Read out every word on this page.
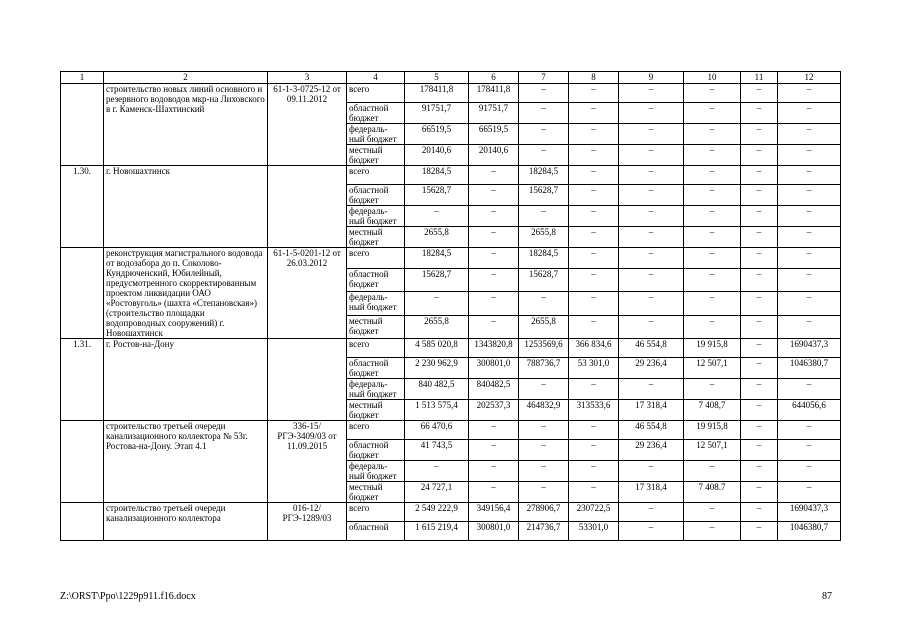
1	2	3	4	5	6	7	8	9	10	11	12
	строительство новых линий основного и резервного водоводов мкр-на Лиховского в г. Каменск-Шахтинский	61-1-3-0725-12 от 09.11.2012	всего	178411,8	178411,8	–	–	–	–	–	–
			областной бюджет	91751,7	91751,7	–	–	–	–	–	–
			федераль-ный бюджет	66519,5	66519,5	–	–	–	–	–	–
			местный бюджет	20140,6	20140,6	–	–	–	–	–	–
1.30.	г. Новошахтинск		всего	18284,5	–	18284,5	–	–	–	–	–
			областной бюджет	15628,7	–	15628,7	–	–	–	–	–
			федераль-ный бюджет	–	–	–	–	–	–	–	–
			местный бюджет	2655,8	–	2655,8	–	–	–	–	–
	реконструкция магистрального водовода от водозабора до п. Соколово-Кундрюченский, Юбилейный, предусмотренного скорректированным проектом ликвидации ОАО «Ростовуголь» (шахта «Степановская») (строительство площадки водопроводных сооружений) г. Новошахтинск	61-1-5-0201-12 от 26.03.2012	всего	18284,5	–	18284,5	–	–	–	–	–
			областной бюджет	15628,7	–	15628,7	–	–	–	–	–
			федераль-ный бюджет	–	–	–	–	–	–	–	–
			местный бюджет	2655,8	–	2655,8	–	–	–	–	–
1.31.	г. Ростов-на-Дону		всего	4 585 020,8	1343820,8	1253569,6	366 834,6	46 554,8	19 915,8	–	1690437,3
			областной бюджет	2 230 962,9	300801,0	788736,7	53 301,0	29 236,4	12 507,1	–	1046380,7
			федераль-ный бюджет	840 482,5	840482,5	–	–	–	–	–	–
			местный бюджет	1 513 575,4	202537,3	464832,9	313533,6	17 318,4	7 408,7	–	644056,6
	строительство третьей очереди канализационного коллектора № 53г. Ростова-на-Дону. Этап 4.1	336-15/РГЭ-3409/03 от 11.09.2015	всего	66 470,6	–	–	–	46 554,8	19 915,8	–	–
			областной бюджет	41 743,5	–	–	–	29 236,4	12 507,1	–	–
			федераль-ный бюджет	–	–	–	–	–	–	–	–
			местный бюджет	24 727,1	–	–	–	17 318,4	7 408.7	–	–
	строительство третьей очереди канализационного коллектора	016-12/РГЭ-1289/03	всего	2 549 222,9	349156,4	278906,7	230722,5	–	–	–	1690437,3
			областной	1 615 219,4	300801,0	214736,7	53301,0	–	–	–	1046380,7
Z:\ORST\Ppo\1229p911.f16.docx	87
